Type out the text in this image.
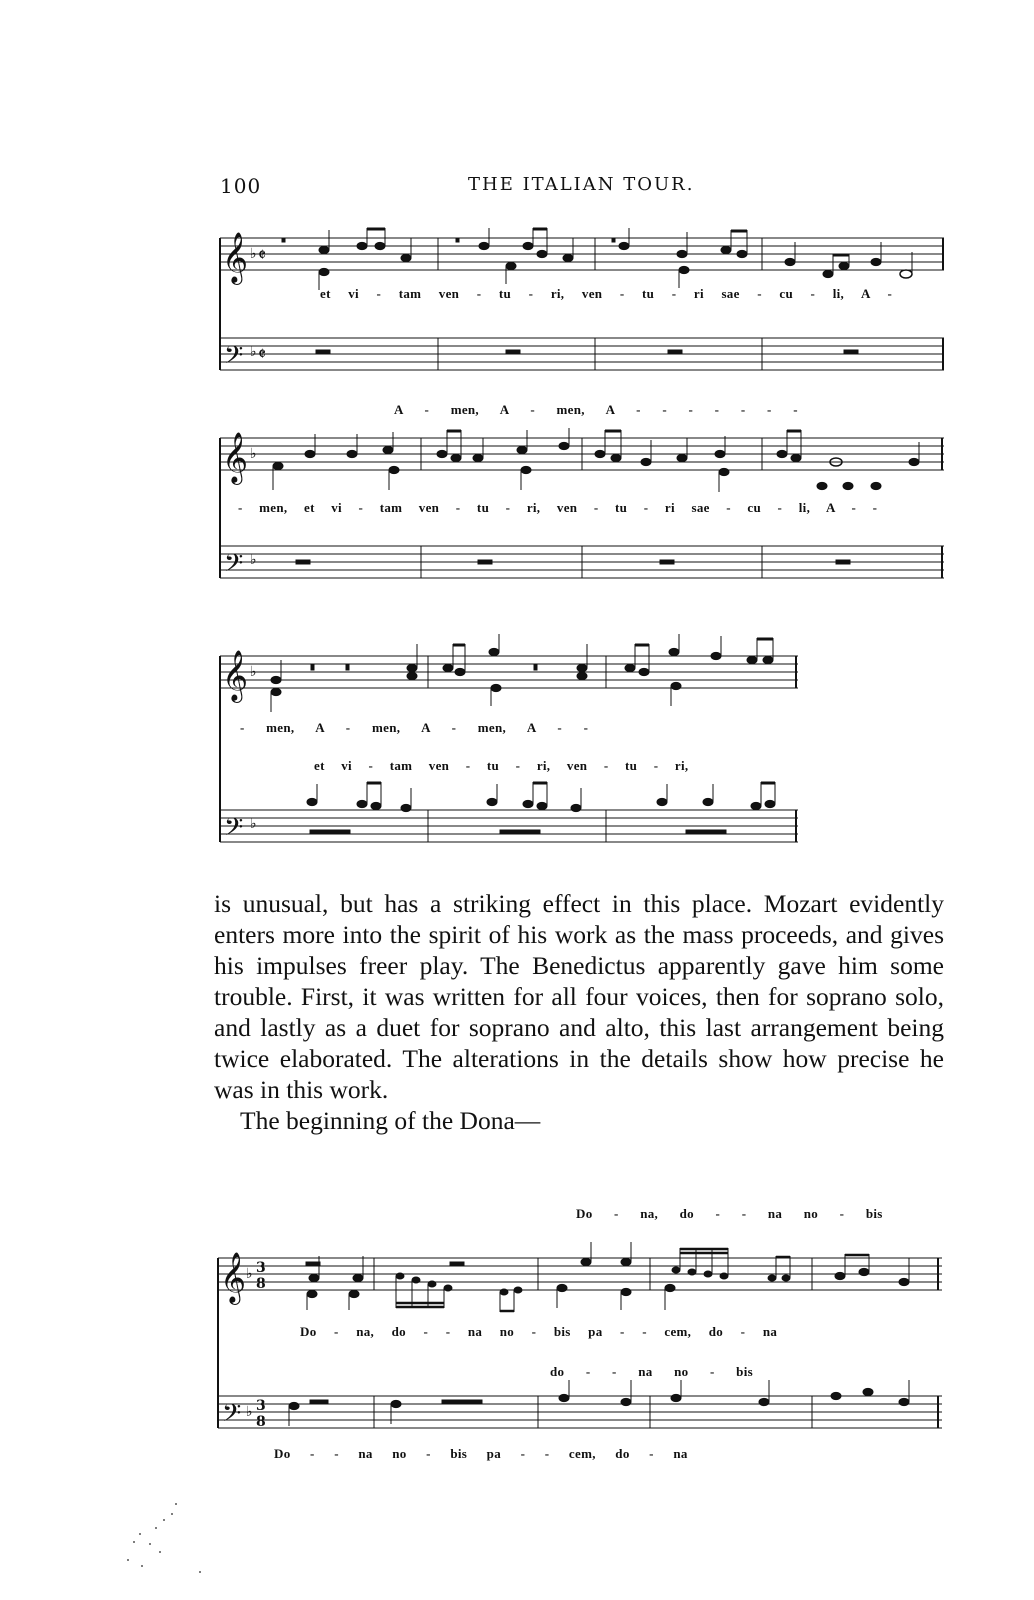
100	THE ITALIAN TOUR.
𝄞
𝄢
♭
♭
𝄵
𝄵
et vi - tam ven - tu - ri, ven - tu - ri sae - cu - li, A -
A - men, A - men, A - - - - - - -
𝄞
𝄢
♭
♭
- men, et vi - tam ven - tu - ri, ven - tu - ri sae - cu - li, A - -
𝄞
𝄢
♭
♭
- men, A - men, A - men, A - -
et vi - tam ven - tu - ri, ven - tu - ri,

is unusual, but has a striking effect in this place. Mozart evidently enters more into the spirit of his work as the mass proceeds, and gives his impulses freer play. The Benedictus apparently gave him some trouble. First, it was written for all four voices, then for soprano solo, and lastly as a duet for soprano and alto, this last arrangement being twice elaborated. The alterations in the details show how precise he was in this work.

The beginning of the Dona—

Do - na, do - - na no - bis
𝄞
𝄢
♭
♭
3
8
3
8
Do - na, do - - na no - bis pa - - cem, do - na
do - - na no - bis
Do - - na no - bis pa - - cem, do - na
